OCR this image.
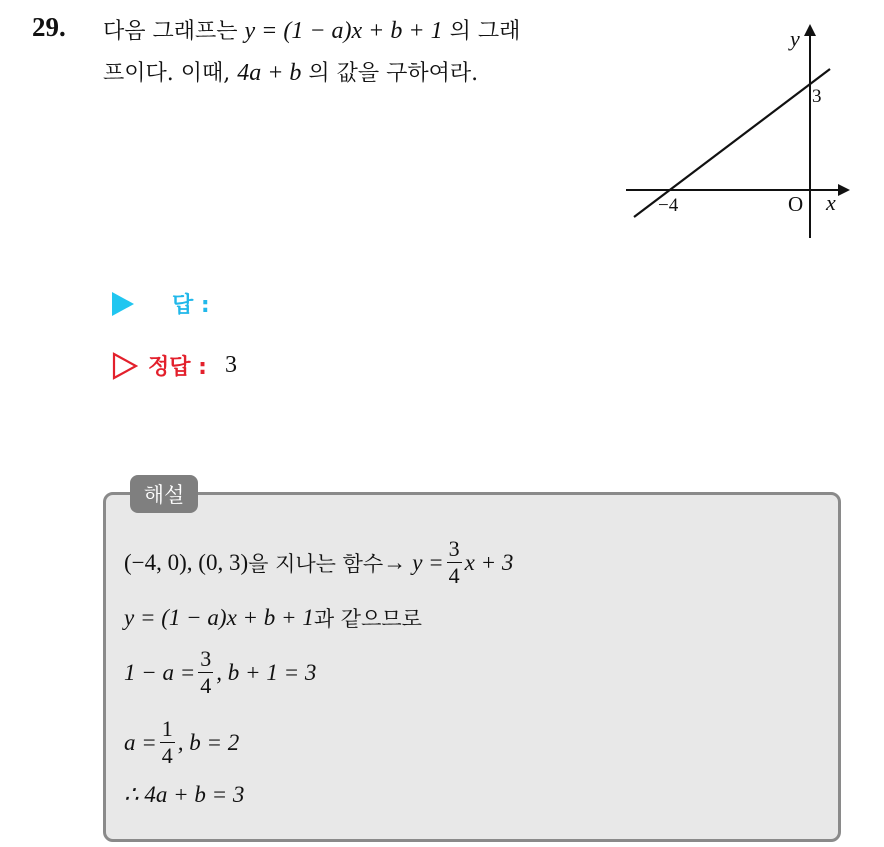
29. 다음 그래프는 y = (1 − a)x + b + 1 의 그래
프이다. 이때, 4a + b 의 값을 구하여라.
y
x
O
−4
3
답 :
정답 : 3
해설
(−4, 0), (0, 3) 을 지나는 함수 → $y = \frac{3}{4}$ x + 3
y = (1 − a)x + b + 1 과 같으므로
$1 - a = \frac{3}{4}$ , b + 1 = 3
$a = \frac{1}{4}$ , b = 2
∴ 4a + b = 3
